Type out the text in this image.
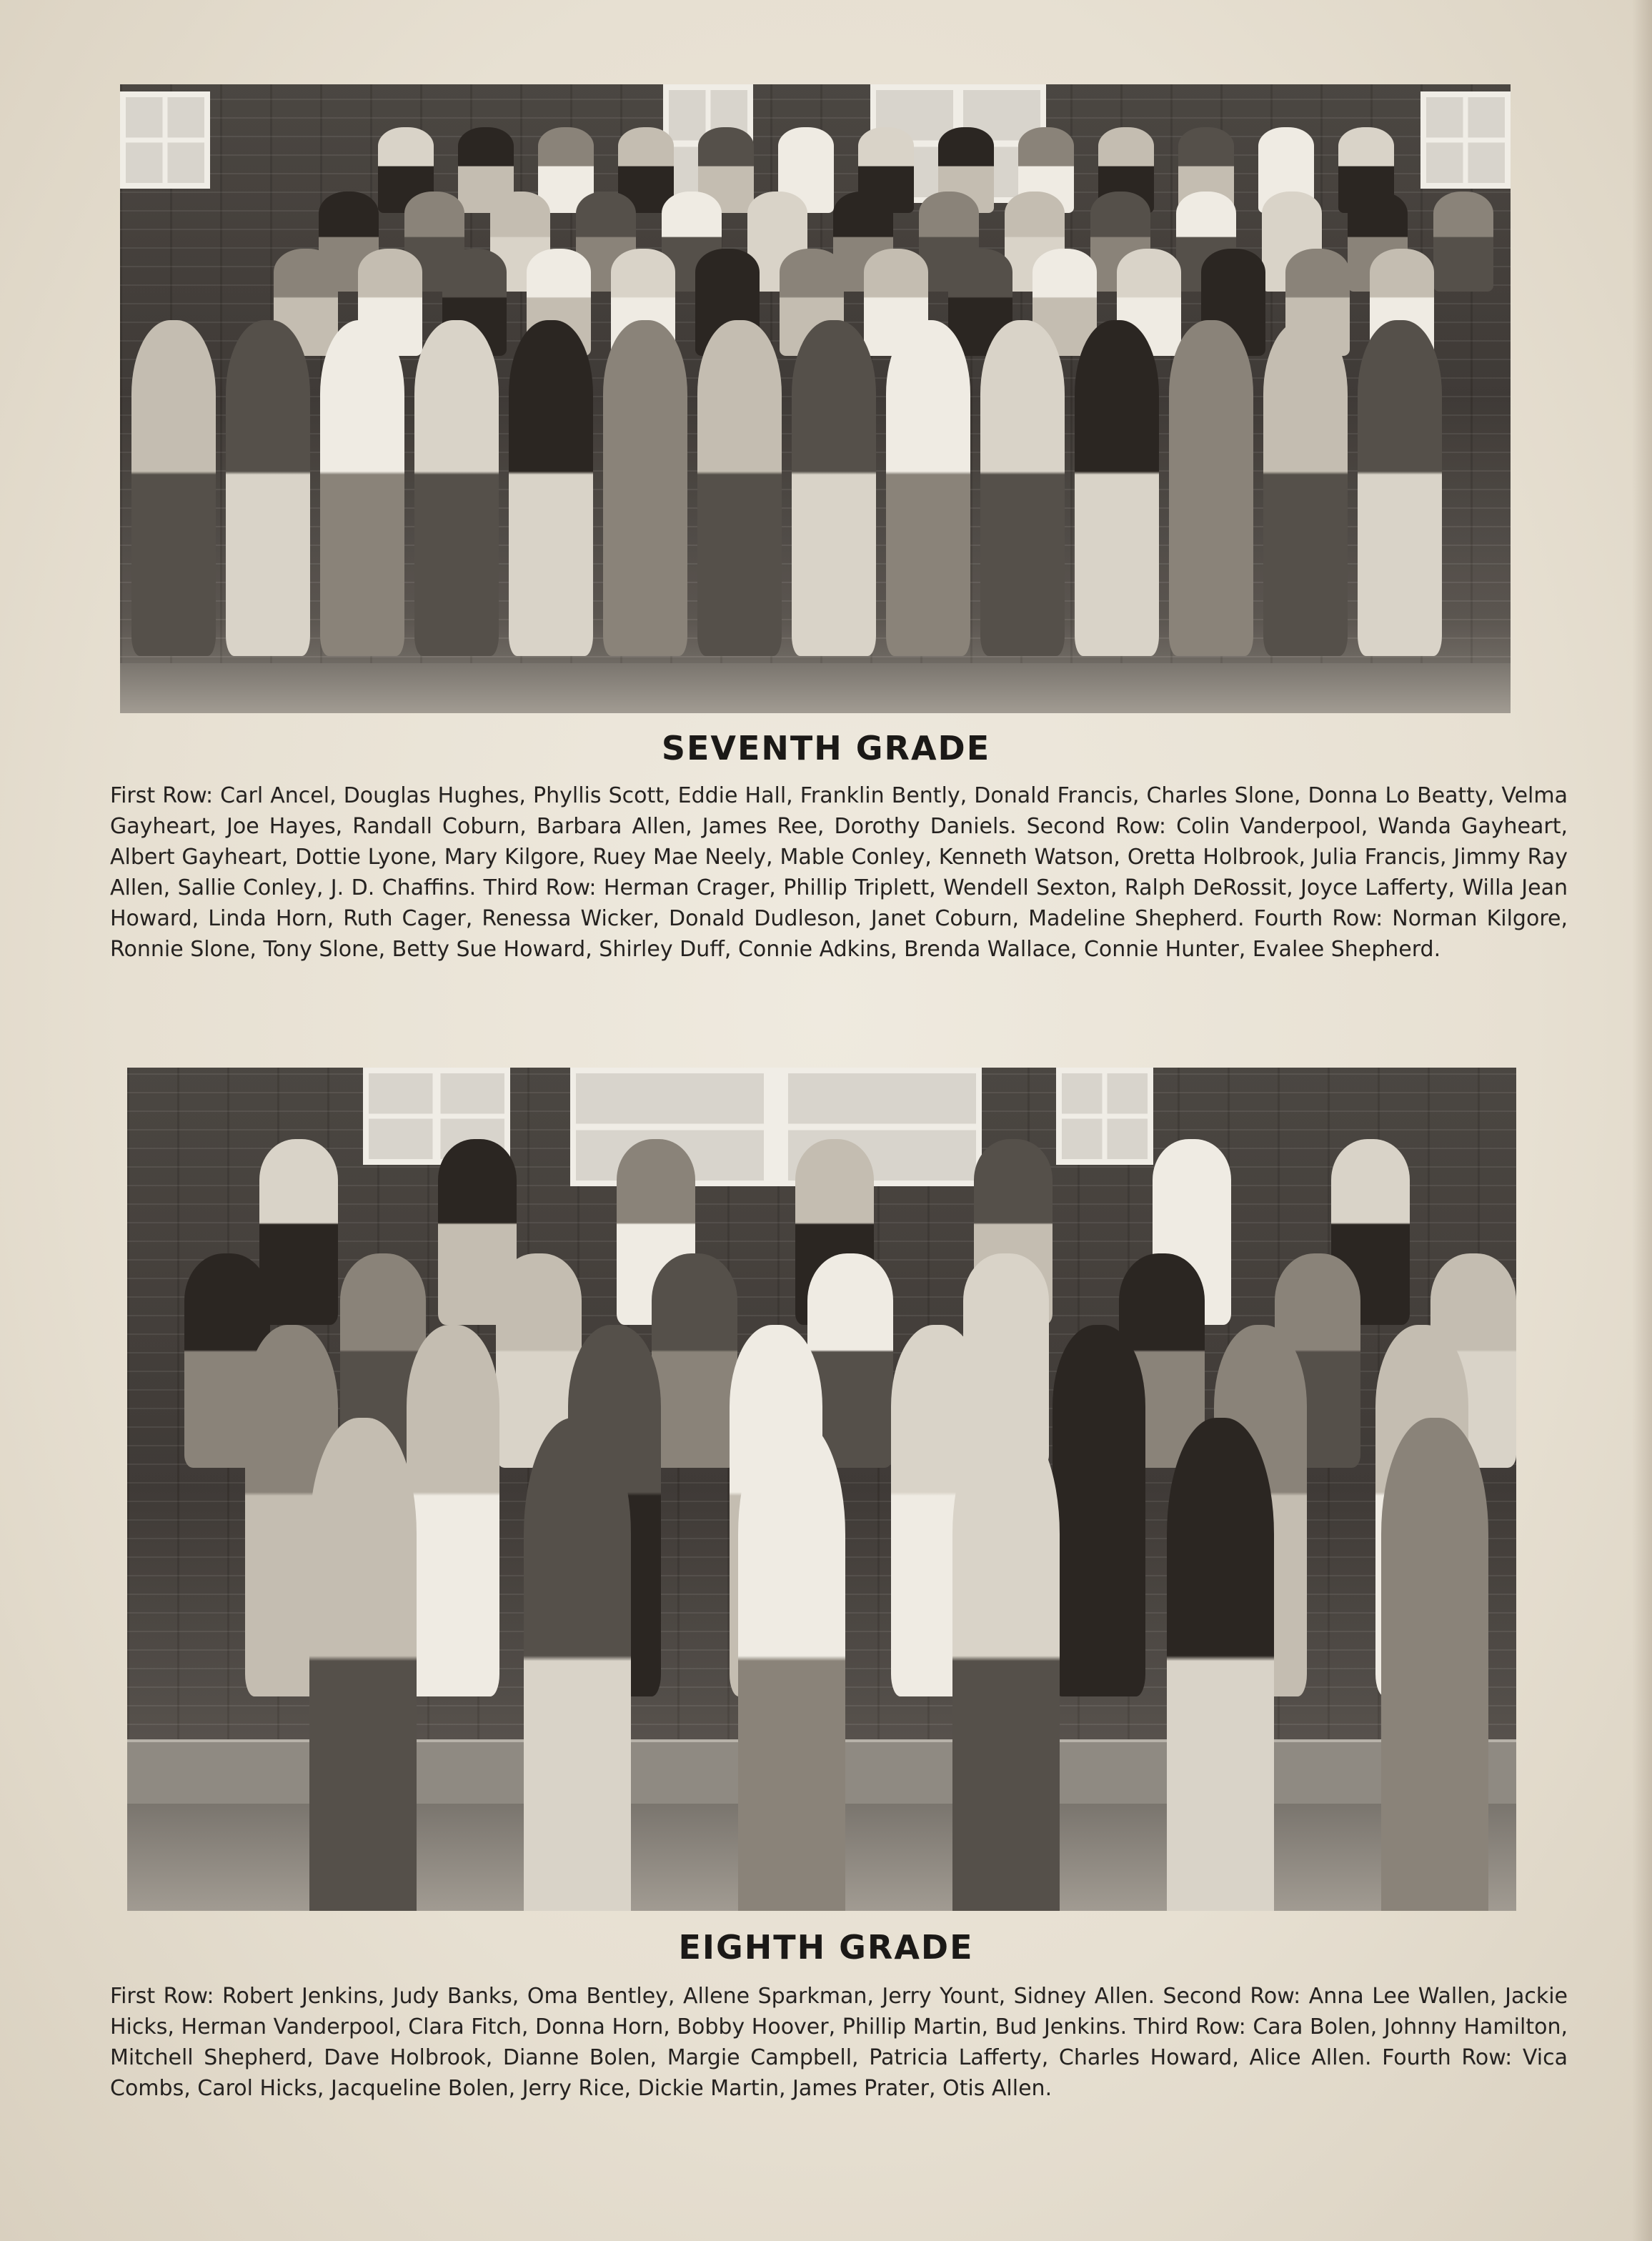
SEVENTH GRADE
First Row: Carl Ancel, Douglas Hughes, Phyllis Scott, Eddie Hall, Franklin Bently, Donald Francis, Charles Slone, Donna Lo Beatty, Velma Gayheart, Joe Hayes, Randall Coburn, Barbara Allen, James Ree, Dorothy Daniels. Second Row: Colin Vanderpool, Wanda Gayheart, Albert Gayheart, Dottie Lyone, Mary Kilgore, Ruey Mae Neely, Mable Conley, Kenneth Watson, Oretta Holbrook, Julia Francis, Jimmy Ray Allen, Sallie Conley, J. D. Chaffins. Third Row: Herman Crager, Phillip Triplett, Wendell Sexton, Ralph DeRossit, Joyce Lafferty, Willa Jean Howard, Linda Horn, Ruth Cager, Renessa Wicker, Donald Dudleson, Janet Coburn, Madeline Shepherd. Fourth Row: Norman Kilgore, Ronnie Slone, Tony Slone, Betty Sue Howard, Shirley Duff, Connie Adkins, Brenda Wallace, Connie Hunter, Evalee Shepherd.
EIGHTH GRADE
First Row: Robert Jenkins, Judy Banks, Oma Bentley, Allene Sparkman, Jerry Yount, Sidney Allen. Second Row: Anna Lee Wallen, Jackie Hicks, Herman Vanderpool, Clara Fitch, Donna Horn, Bobby Hoover, Phillip Martin, Bud Jenkins. Third Row: Cara Bolen, Johnny Hamilton, Mitchell Shepherd, Dave Holbrook, Dianne Bolen, Margie Campbell, Patricia Lafferty, Charles Howard, Alice Allen. Fourth Row: Vica Combs, Carol Hicks, Jacqueline Bolen, Jerry Rice, Dickie Martin, James Prater, Otis Allen.
